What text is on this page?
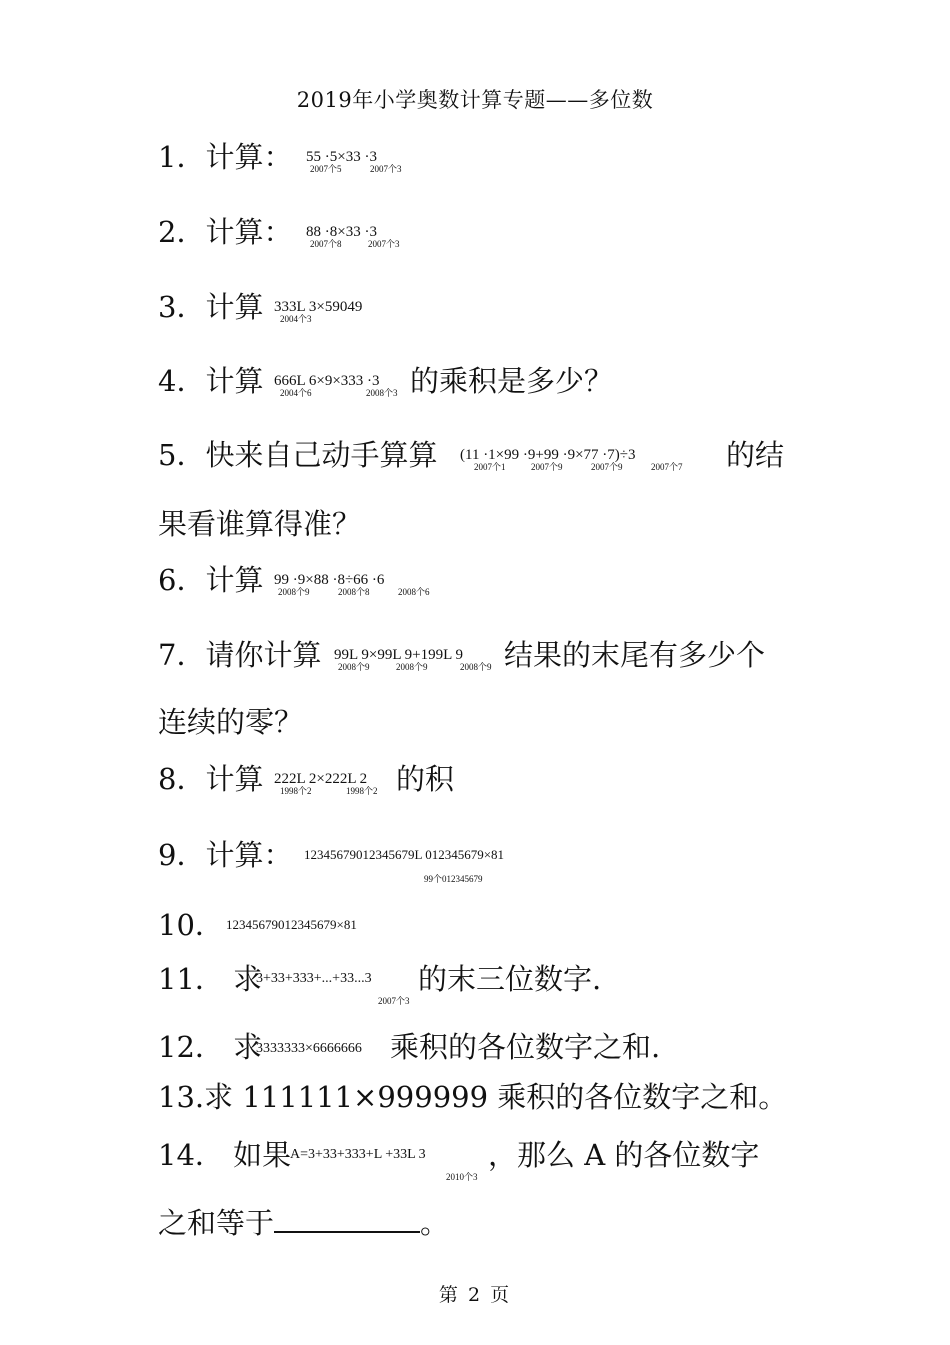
2019年小学奥数计算专题——多位数
1．计算： 55 ·5×33 ·3
2007个5	2007个3
2．计算： 88 ·8×33 ·3
2007个8	2007个3
3．计算 333L 3×59049
2004个3
4．计算 666L 6×9×333 ·3
2004个6	2008个3 的乘积是多少？
5．快来自己动手算算 (11 ·1×99 ·9+99 ·9×77 ·7)÷3
2007个1	2007个9	2007个9	2007个7 的结
果看谁算得准？
6．计算 99 ·9×88 ·8÷66 ·6
2008个9	2008个8	2008个6
7．请你计算 99L 9×99L 9+199L 9
2008个9	2008个9	2008个9 结果的末尾有多少个
连续的零？
8．计算 222L 2×222L 2
1998个2	1998个2 的积
9．计算： 12345679012345679L 012345679×81
99个012345679
10． 12345679012345679×81
11． 求
3+33+333+...+33...3
2007个3
的末三位数字.
12． 求
3333333×6666666 乘积的各位数字之和.
13.求 111111×999999 乘积的各位数字之和。
14． 如果
A=3+33+333+L +33L 3
2010个3
，那么 A 的各位数字
之和等于	。
第 2 页
